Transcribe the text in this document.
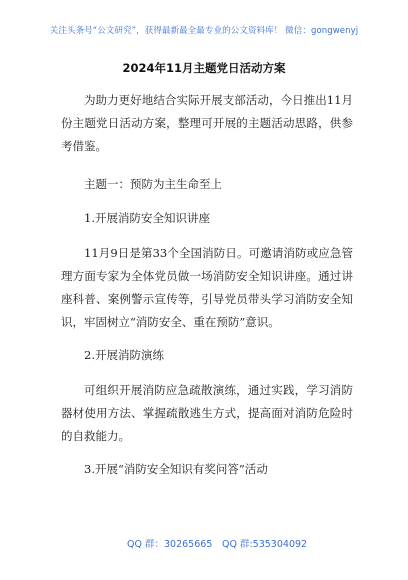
关注头条号“公文研究”，获得最新最全最专业的公文资料库！ 微信：gongwenyj
2024年11月主题党日活动方案

为助力更好地结合实际开展支部活动，今日推出11月份主题党日活动方案，整理可开展的主题活动思路，供参考借鉴。

主题一：预防为主生命至上
1.开展消防安全知识讲座

11月9日是第33个全国消防日。可邀请消防或应急管理方面专家为全体党员做一场消防安全知识讲座。通过讲座科普、案例警示宣传等，引导党员带头学习消防安全知识，牢固树立“消防安全、重在预防”意识。

2.开展消防演练

可组织开展消防应急疏散演练，通过实践，学习消防器材使用方法、掌握疏散逃生方式，提高面对消防危险时的自救能力。

3.开展“消防安全知识有奖问答”活动
QQ 群：30265665 QQ 群:535304092
